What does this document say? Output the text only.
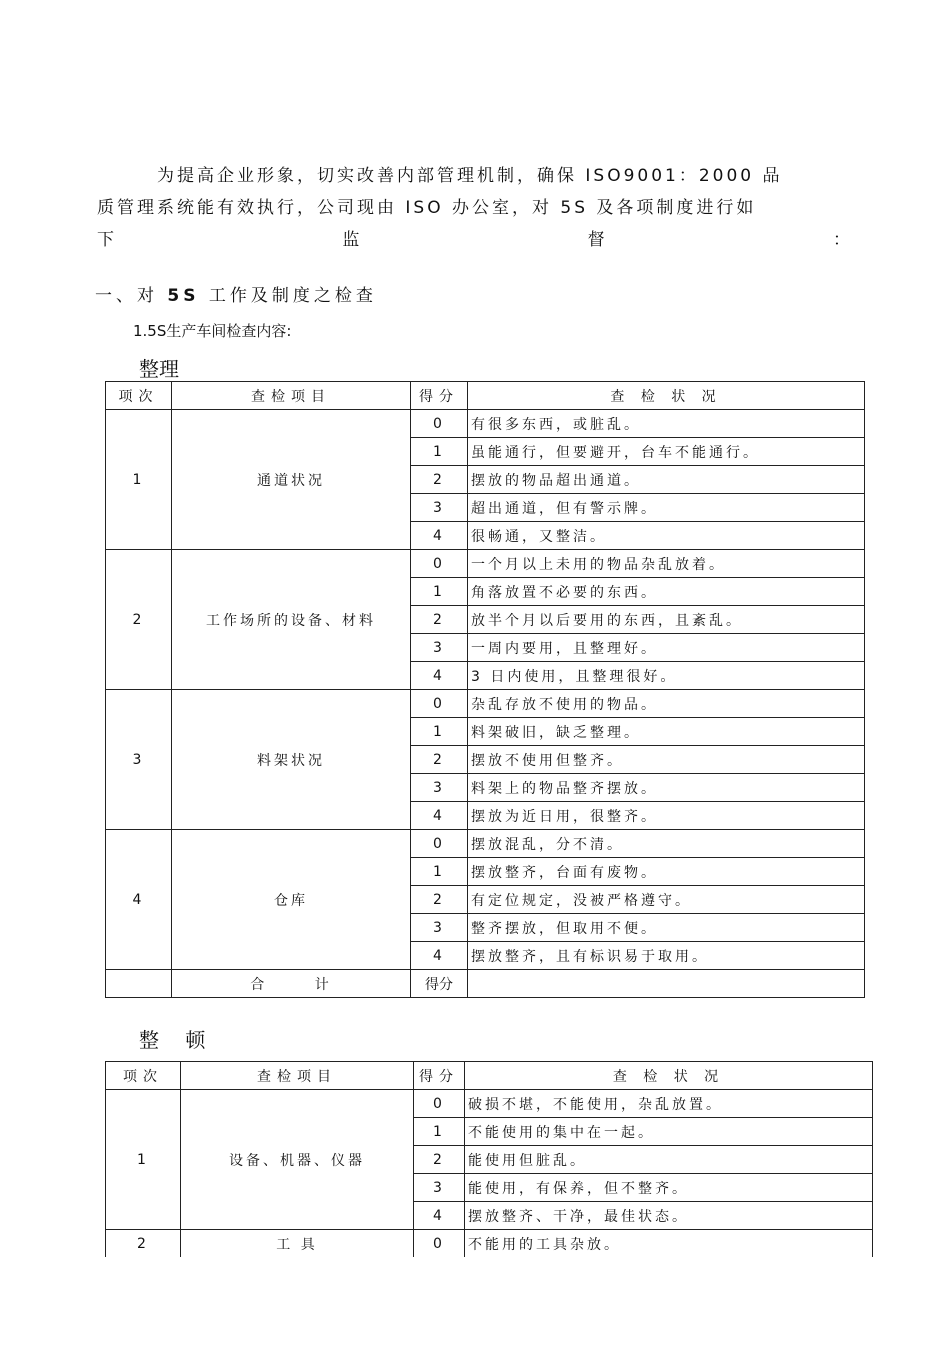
为提高企业形象，切实改善内部管理机制，确保 ISO9001：2000 品
质管理系统能有效执行，公司现由 ISO 办公室，对 5S 及各项制度进行如
下	监	督	：
一、对 5S 工作及制度之检查
1.5S生产车间检查内容:
整理
项次	查检项目	得分	查 检 状 况
1	通道状况	0	有很多东西，或脏乱。
		1	虽能通行，但要避开，台车不能通行。
		2	摆放的物品超出通道。
		3	超出通道，但有警示牌。
		4	很畅通，又整洁。
2	工作场所的设备、材料	0	一个月以上未用的物品杂乱放着。
		1	角落放置不必要的东西。
		2	放半个月以后要用的东西，且紊乱。
		3	一周内要用，且整理好。
		4	3 日内使用，且整理很好。
3	料架状况	0	杂乱存放不使用的物品。
		1	料架破旧，缺乏整理。
		2	摆放不使用但整齐。
		3	料架上的物品整齐摆放。
		4	摆放为近日用，很整齐。
4	仓库	0	摆放混乱，分不清。
		1	摆放整齐，台面有废物。
		2	有定位规定，没被严格遵守。
		3	整齐摆放，但取用不便。
		4	摆放整齐，且有标识易于取用。
	合 计	得分	
整 顿
项次	查检项目	得分	查 检 状 况
1	设备、机器、仪器	0	破损不堪，不能使用，杂乱放置。
		1	不能使用的集中在一起。
		2	能使用但脏乱。
		3	能使用，有保养，但不整齐。
		4	摆放整齐、干净，最佳状态。
2	工 具	0	不能用的工具杂放。
